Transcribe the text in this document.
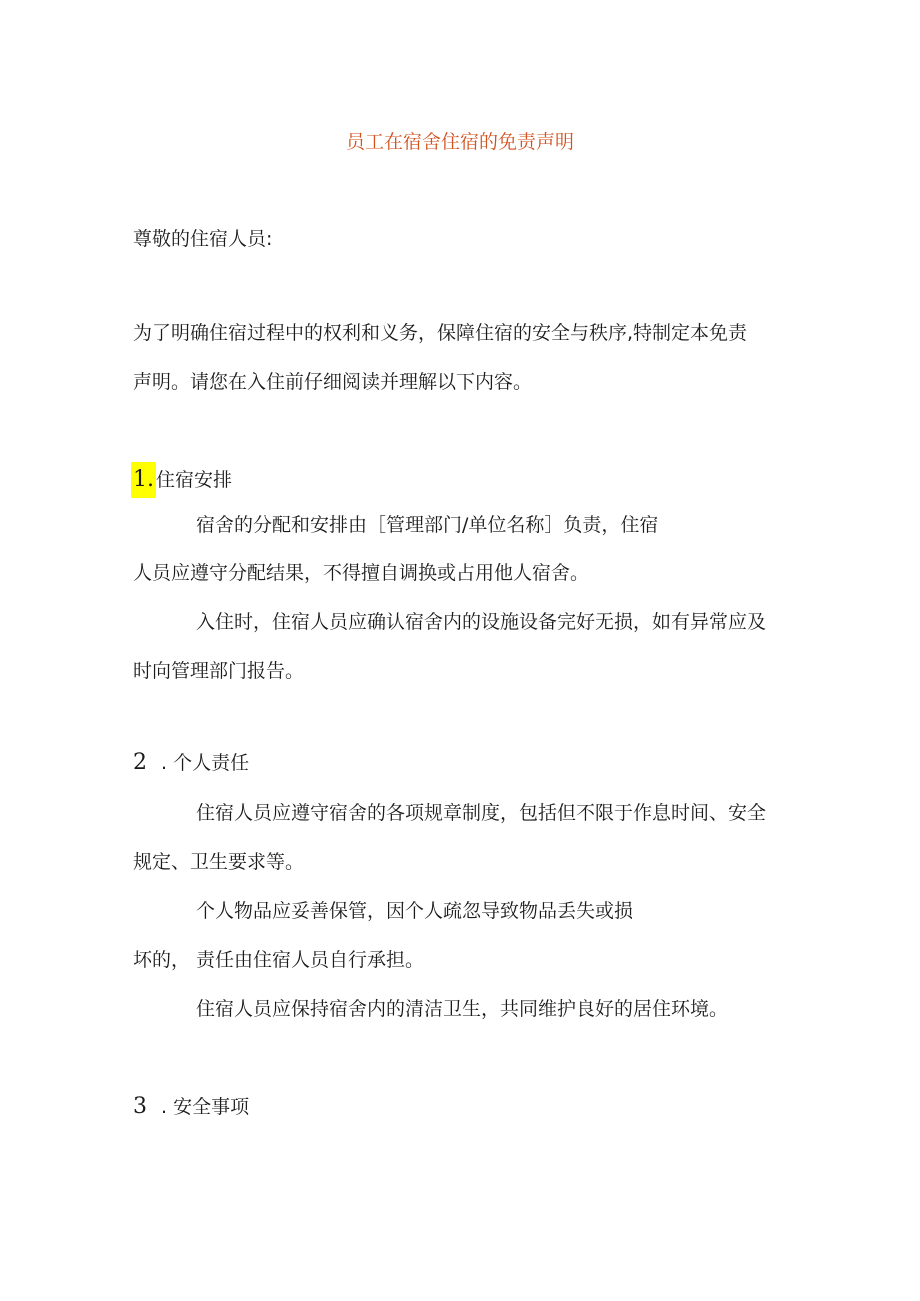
员工在宿舍住宿的免责声明
尊敬的住宿人员:
为了明确住宿过程中的权利和义务，保障住宿的安全与秩序,特制定本免责
声明。请您在入住前仔细阅读并理解以下内容。
1. 住宿安排
宿舍的分配和安排由［管理部门/单位名称］负责，住宿
人员应遵守分配结果，不得擅自调换或占用他人宿舍。
入住时，住宿人员应确认宿舍内的设施设备完好无损，如有异常应及
时向管理部门报告。
2 . 个人责任
住宿人员应遵守宿舍的各项规章制度，包括但不限于作息时间、安全
规定、卫生要求等。
个人物品应妥善保管，因个人疏忽导致物品丢失或损
坏的， 责任由住宿人员自行承担。
住宿人员应保持宿舍内的清洁卫生，共同维护良好的居住环境。
3 . 安全事项
